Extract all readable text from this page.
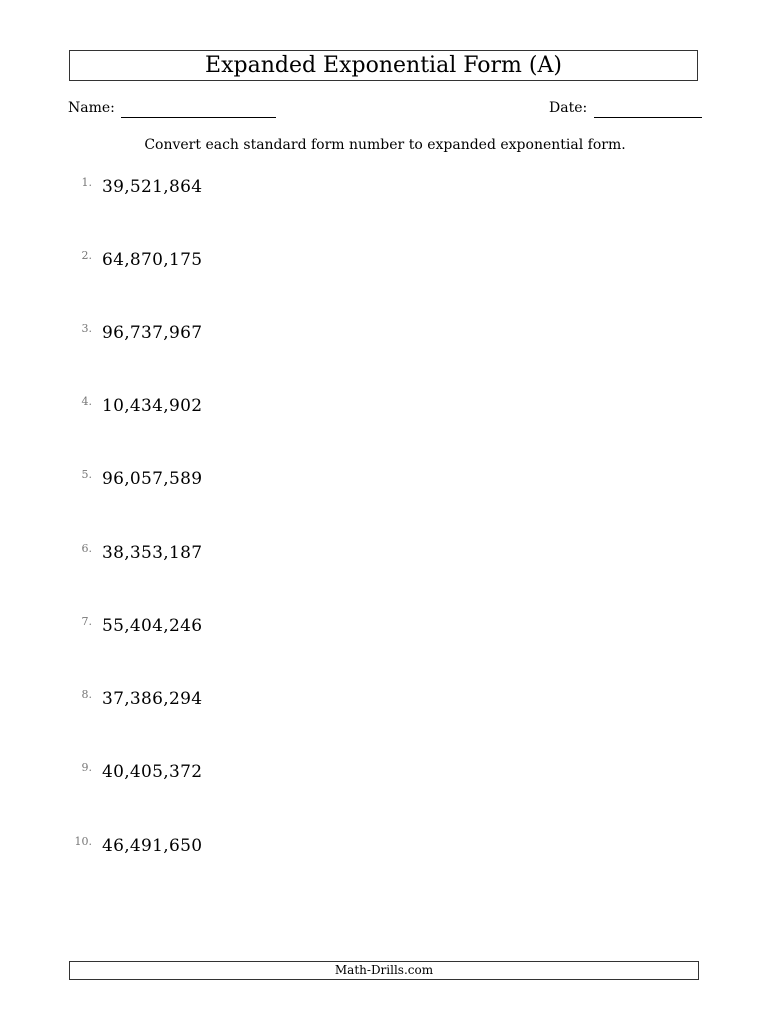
Expanded Exponential Form (A)
Name:	Date:
Convert each standard form number to expanded exponential form.
1. 39,521,864
2. 64,870,175
3. 96,737,967
4. 10,434,902
5. 96,057,589
6. 38,353,187
7. 55,404,246
8. 37,386,294
9. 40,405,372
10. 46,491,650
Math-Drills.com
